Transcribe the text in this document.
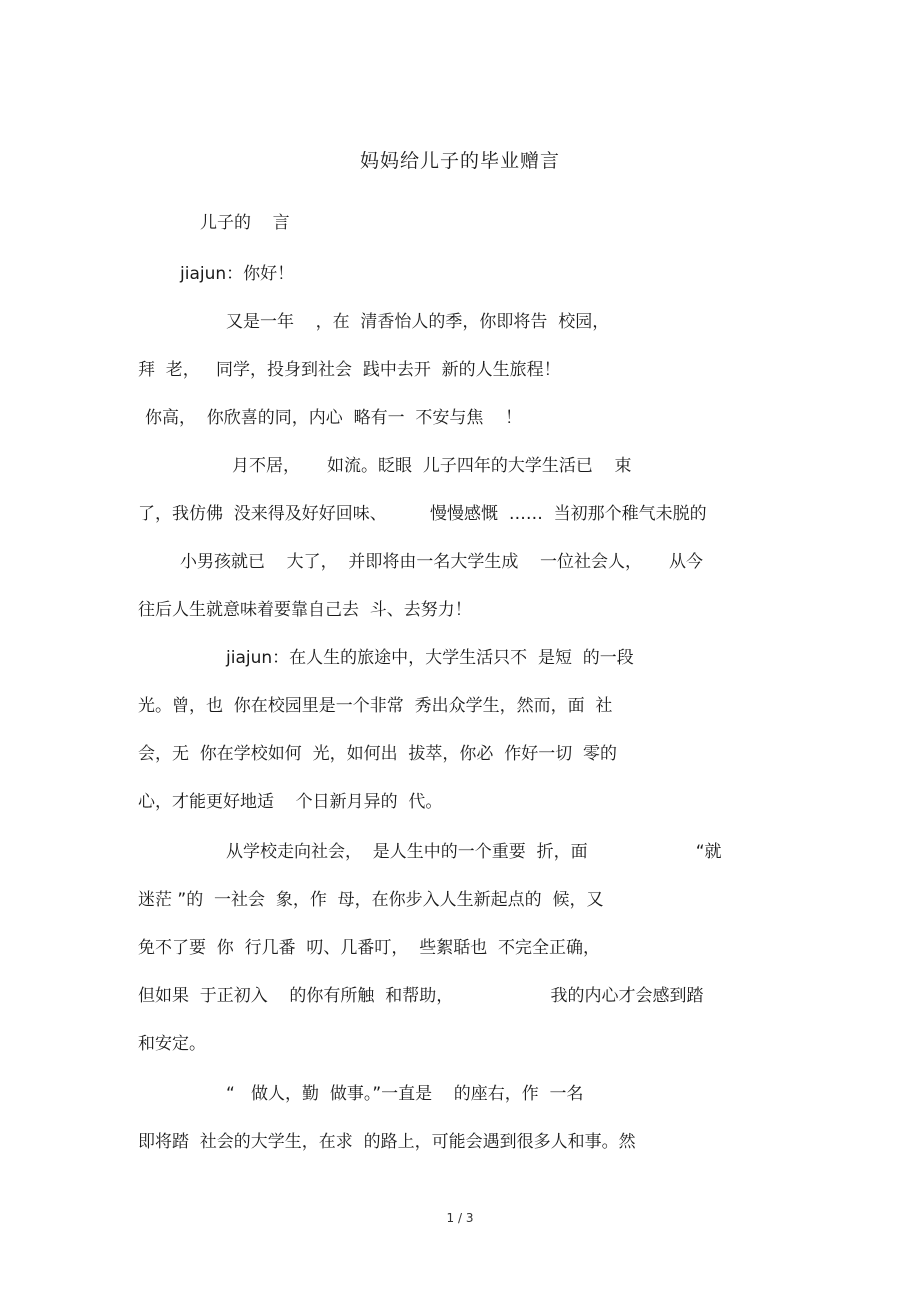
妈妈给儿子的毕业赠言
儿子的    言
jiajun：你好！
又是一年    ，在  清香怡人的季，你即将告  校园，
拜  老，   同学，投身到社会  践中去开  新的人生旅程！
你高，  你欣喜的同，内心  略有一  不安与焦    ！
月不居，     如流。眨眼  儿子四年的大学生活已    束
了，我仿佛  没来得及好好回味、        慢慢感慨  ……  当初那个稚气未脱的
小男孩就已    大了，  并即将由一名大学生成    一位社会人，     从今
往后人生就意味着要靠自己去  斗、去努力！
jiajun：在人生的旅途中，大学生活只不  是短  的一段
光。曾，也  你在校园里是一个非常  秀出众学生，然而，面  社
会，无  你在学校如何  光，如何出  拔萃，你必  作好一切  零的
心，才能更好地适    个日新月异的  代。
从学校走向社会，  是人生中的一个重要  折，面                    “就
迷茫 ”的  一社会  象，作  母，在你步入人生新起点的  候，又
免不了要  你  行几番  叨、几番叮，  些絮聒也  不完全正确，
但如果  于正初入    的你有所触  和帮助，                  我的内心才会感到踏
和安定。
“   做人，勤  做事。”一直是    的座右，作  一名
即将踏  社会的大学生，在求  的路上，可能会遇到很多人和事。然
1 / 3
